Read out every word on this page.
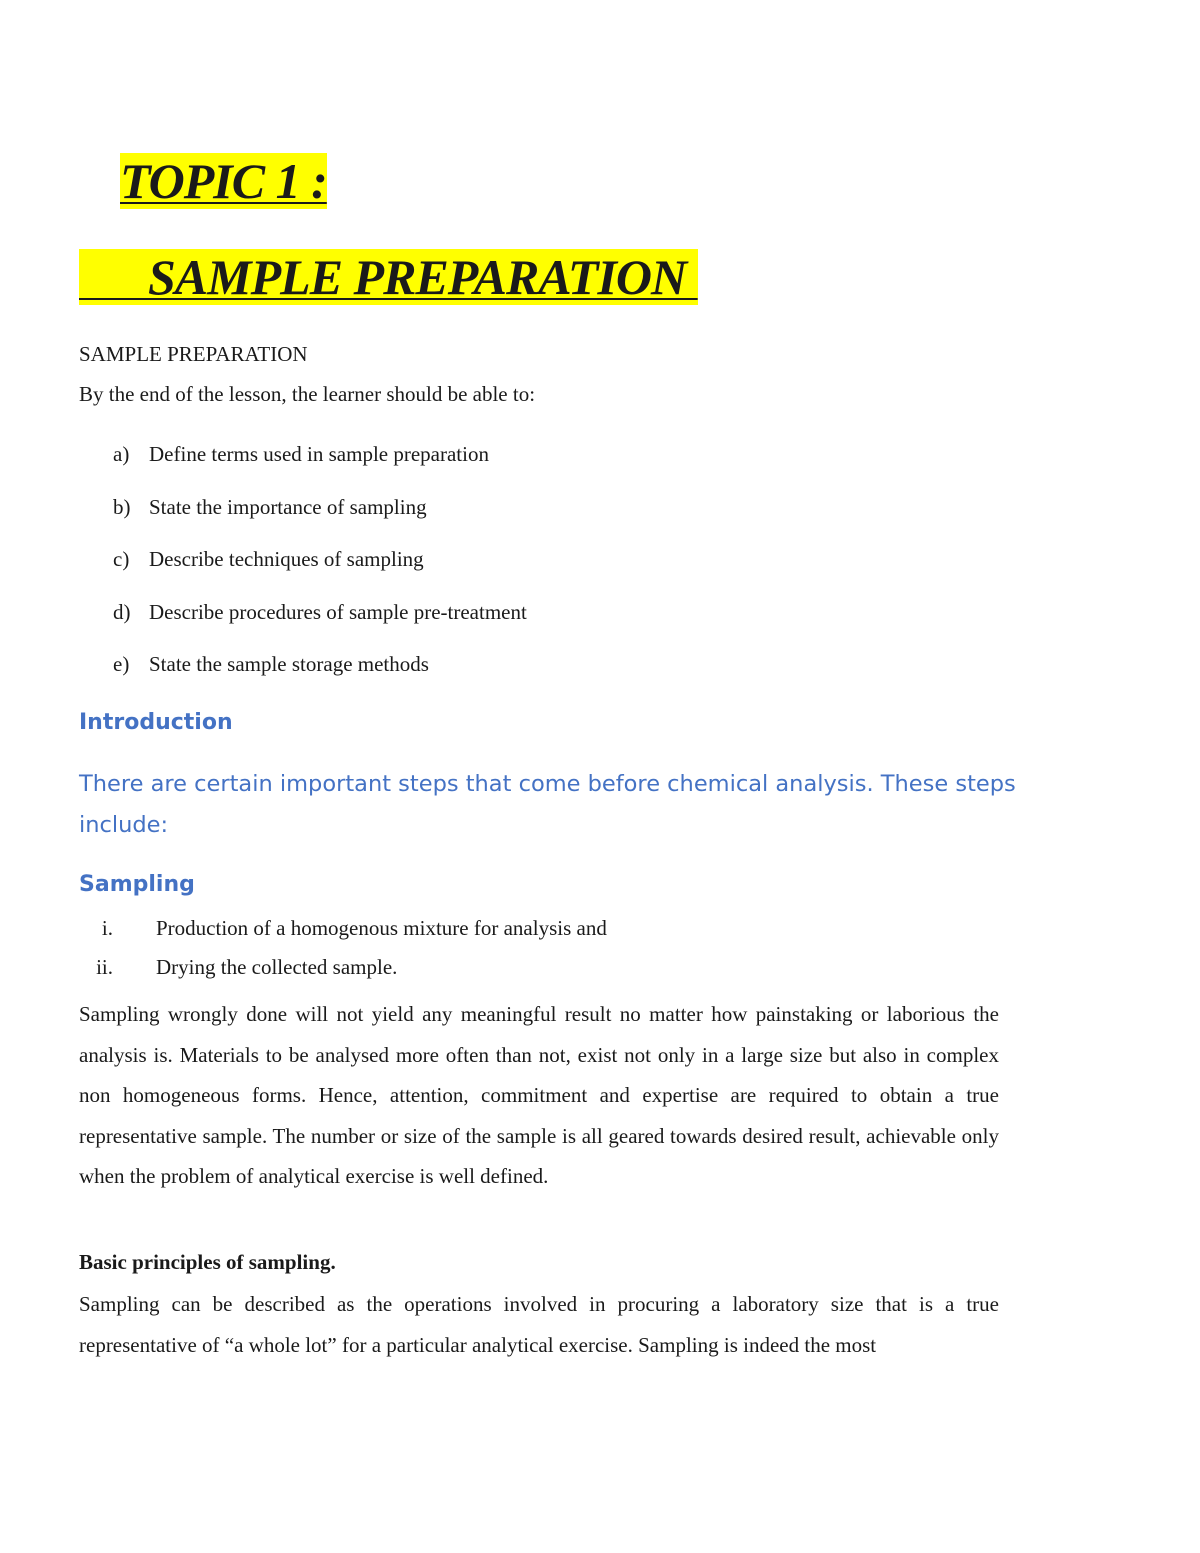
TOPIC 1 :
SAMPLE PREPARATION

SAMPLE PREPARATION

By the end of the lesson, the learner should be able to:

a) Define terms used in sample preparation
b) State the importance of sampling
c) Describe techniques of sampling
d) Describe procedures of sample pre-treatment
e) State the sample storage methods
Introduction

There are certain important steps that come before chemical analysis. These steps include:

Sampling
i.	Production of a homogenous mixture for analysis and
ii.	Drying the collected sample.

Sampling wrongly done will not yield any meaningful result no matter how painstaking or laborious the analysis is. Materials to be analysed more often than not, exist not only in a large size but also in complex non homogeneous forms. Hence, attention, commitment and expertise are required to obtain a true representative sample. The number or size of the sample is all geared towards desired result, achievable only when the problem of analytical exercise is well defined.

Basic principles of sampling.

Sampling can be described as the operations involved in procuring a laboratory size that is a true representative of “a whole lot” for a particular analytical exercise. Sampling is indeed the most
